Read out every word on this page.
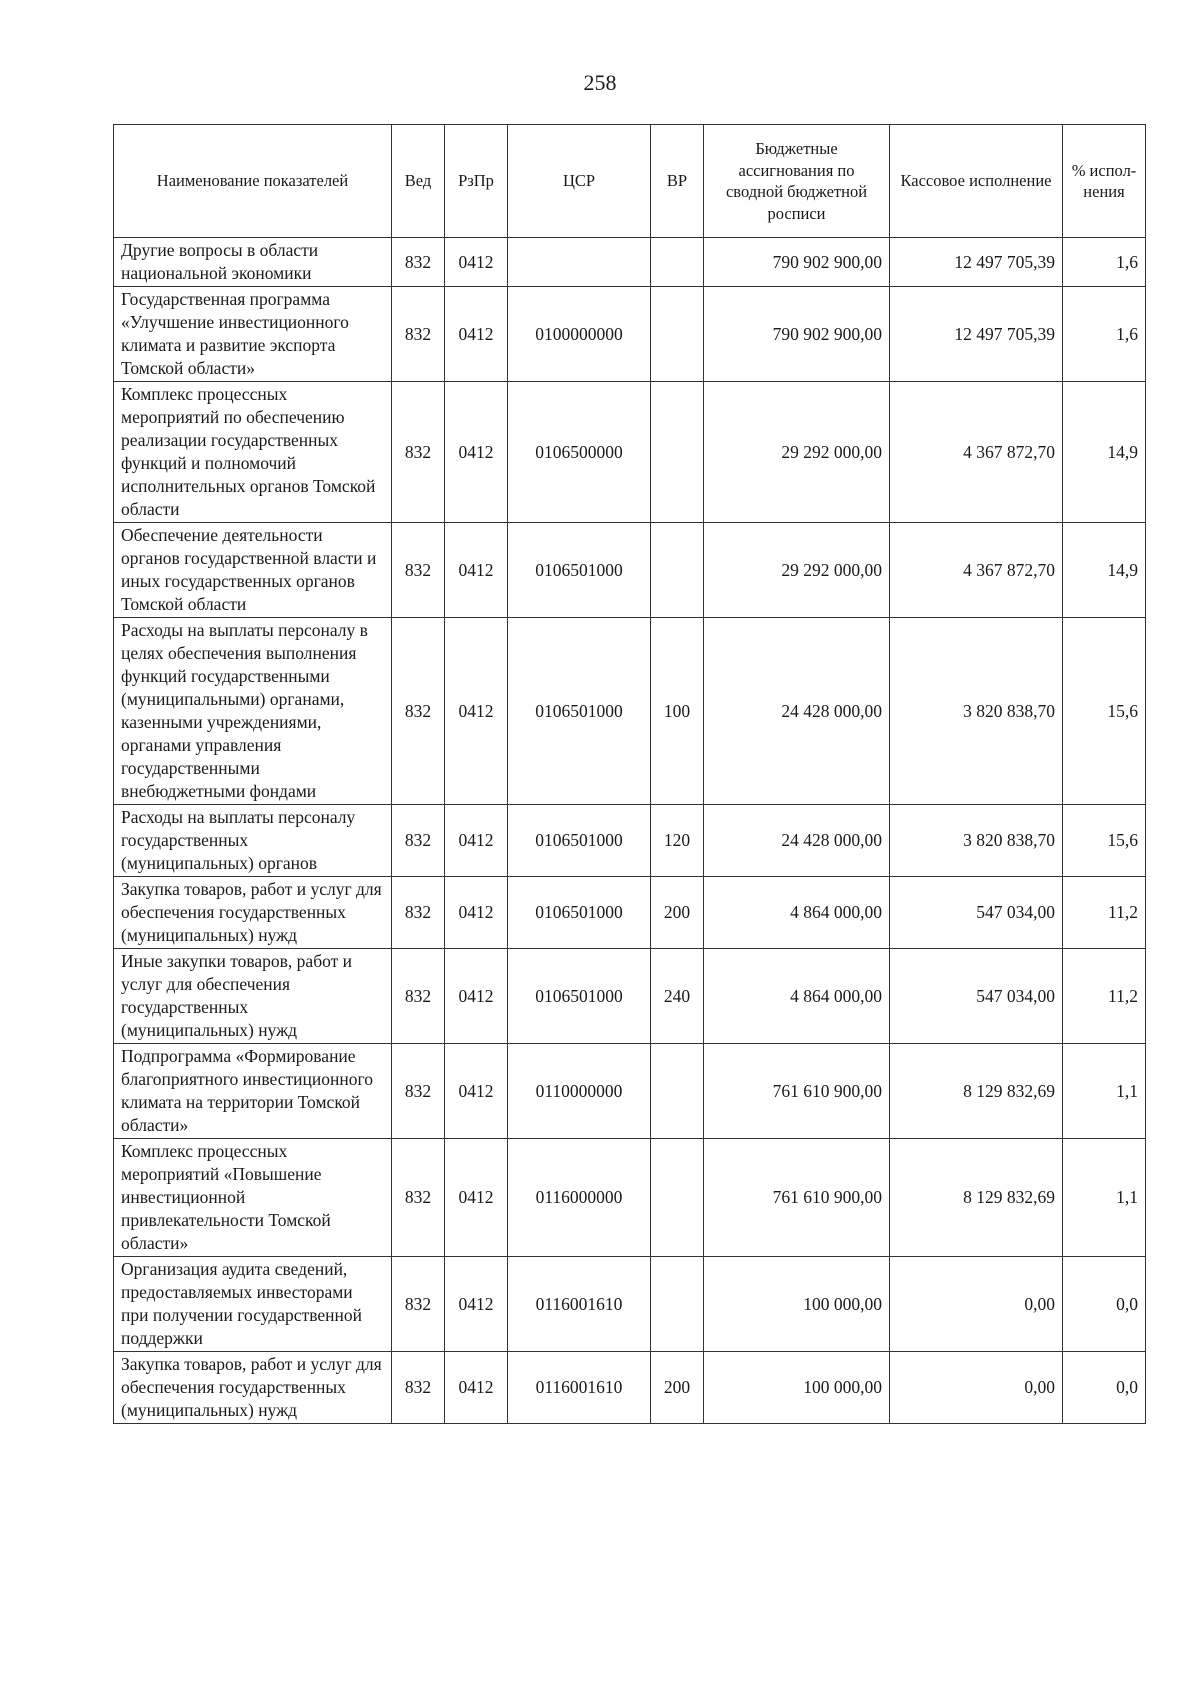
258
Наименование показателей	Вед	РзПр	ЦСР	ВР	Бюджетные ассигнования по сводной бюджетной росписи	Кассовое исполнение	% испол-нения
Другие вопросы в области национальной экономики	832	0412			790 902 900,00	12 497 705,39	1,6
Государственная программа «Улучшение инвестиционного климата и развитие экспорта Томской области»	832	0412	0100000000		790 902 900,00	12 497 705,39	1,6
Комплекс процессных мероприятий по обеспечению реализации государственных функций и полномочий исполнительных органов Томской области	832	0412	0106500000		29 292 000,00	4 367 872,70	14,9
Обеспечение деятельности органов государственной власти и иных государственных органов Томской области	832	0412	0106501000		29 292 000,00	4 367 872,70	14,9
Расходы на выплаты персоналу в целях обеспечения выполнения функций государственными (муниципальными) органами, казенными учреждениями, органами управления государственными внебюджетными фондами	832	0412	0106501000	100	24 428 000,00	3 820 838,70	15,6
Расходы на выплаты персоналу государственных (муниципальных) органов	832	0412	0106501000	120	24 428 000,00	3 820 838,70	15,6
Закупка товаров, работ и услуг для обеспечения государственных (муниципальных) нужд	832	0412	0106501000	200	4 864 000,00	547 034,00	11,2
Иные закупки товаров, работ и услуг для обеспечения государственных (муниципальных) нужд	832	0412	0106501000	240	4 864 000,00	547 034,00	11,2
Подпрограмма «Формирование благоприятного инвестиционного климата на территории Томской области»	832	0412	0110000000		761 610 900,00	8 129 832,69	1,1
Комплекс процессных мероприятий «Повышение инвестиционной привлекательности Томской области»	832	0412	0116000000		761 610 900,00	8 129 832,69	1,1
Организация аудита сведений, предоставляемых инвесторами при получении государственной поддержки	832	0412	0116001610		100 000,00	0,00	0,0
Закупка товаров, работ и услуг для обеспечения государственных (муниципальных) нужд	832	0412	0116001610	200	100 000,00	0,00	0,0
